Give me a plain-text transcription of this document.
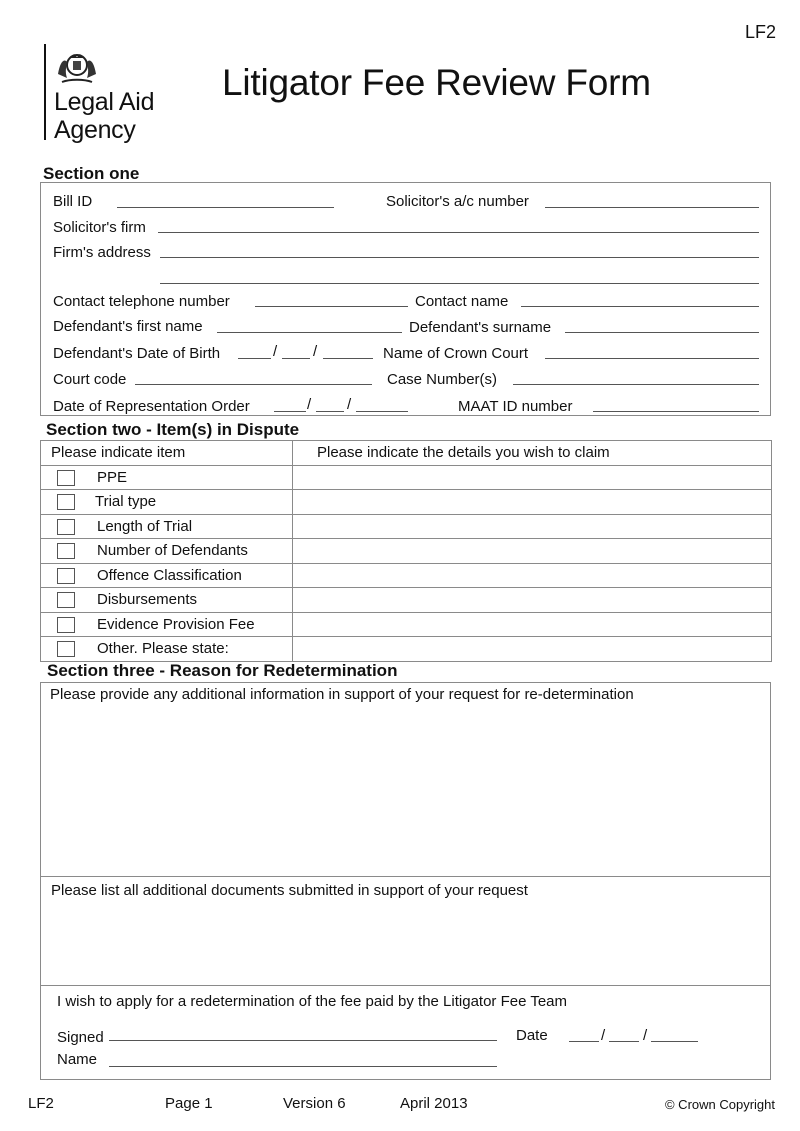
LF2
Legal Aid
Agency
Litigator Fee Review Form
Section one
Bill ID	Solicitor's a/c number
Solicitor's firm
Firm's address
Contact telephone number	Contact name
Defendant's first name	Defendant's surname
Defendant's Date of Birth	/ /	Name of Crown Court
Court code	Case Number(s)
Date of Representation Order	/ /	MAAT ID number
Section two - Item(s) in Dispute
Please indicate item	Please indicate the details you wish to claim
PPE	
Trial type	
Length of Trial	
Number of Defendants	
Offence Classification	
Disbursements	
Evidence Provision Fee	
Other. Please state:	
Section three - Reason for Redetermination
Please provide any additional information in support of your request for re-determination
Please list all additional documents submitted in support of your request
I wish to apply for a redetermination of the fee paid by the Litigator Fee Team
Signed	Date	/	/
Name
LF2	Page 1	Version 6	April 2013	© Crown Copyright
